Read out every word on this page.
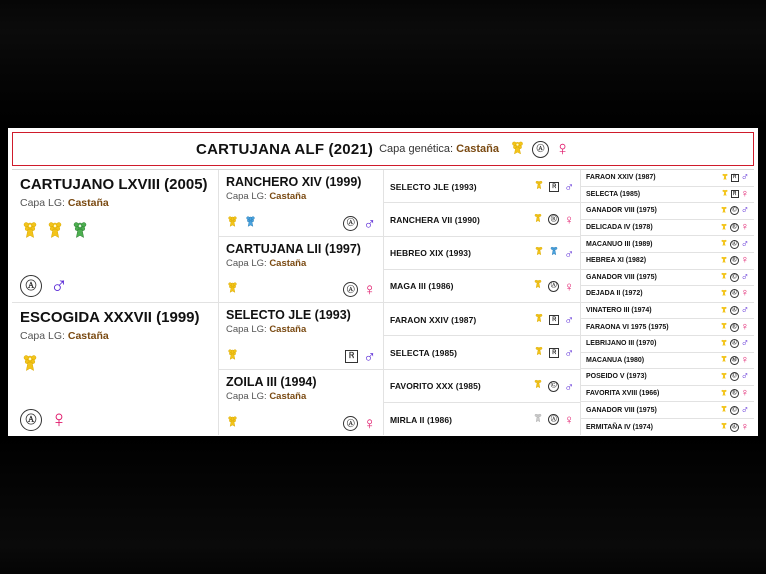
CARTUJANA ALF (2021) Capa genética: Castaña	Ⓐ ♀
CARTUJANO LXVIII (2005)
Capa LG: Castaña
Ⓐ ♂
ESCOGIDA XXXVII (1999)
Capa LG: Castaña
Ⓐ ♀
RANCHERO XIV (1999)
Capa LG: Castaña
Ⓐ ♂
CARTUJANA LII (1997)
Capa LG: Castaña
Ⓐ ♀
SELECTO JLE (1993)
Capa LG: Castaña
Ꮢ ♂
ZOILA III (1994)
Capa LG: Castaña
Ⓐ ♀
SELECTO JLE (1993)	Ꮢ ♂
RANCHERA VII (1990)	Ⓡ ♀
HEBREO XIX (1993)	♂
MAGA III (1986)	Ⓐ ♀
FARAON XXIV (1987)	Ꮢ ♂
SELECTA (1985)	Ꮢ ♂
FAVORITO XXX (1985)	Ⓒ ♂
MIRLA II (1986)	Ⓐ ♀
FARAON XXIV (1987)	Ꮢ ♂
SELECTA (1985)	Ꮢ ♀
GANADOR VIII (1975)	Ⓒ ♂
DELICADA IV (1978)	Ⓡ ♀
MACANUO III (1989)	Ⓐ ♂
HEBREA XI (1982)	Ⓡ ♀
GANADOR VIII (1975)	Ⓒ ♂
DEJADA II (1972)	Ⓐ ♀
VINATERO III (1974)	Ⓐ ♂
FARAONA VI 1975 (1975)	Ⓡ ♀
LEBRIJANO III (1970)	Ⓐ ♂
MACANUA (1980)	Ⓜ ♀
POSEIDO V (1973)	Ⓤ ♂
FAVORITA XVIII (1966)	Ⓡ ♀
GANADOR VIII (1975)	Ⓒ ♂
ERMITAÑA IV (1974)	Ⓐ ♀
